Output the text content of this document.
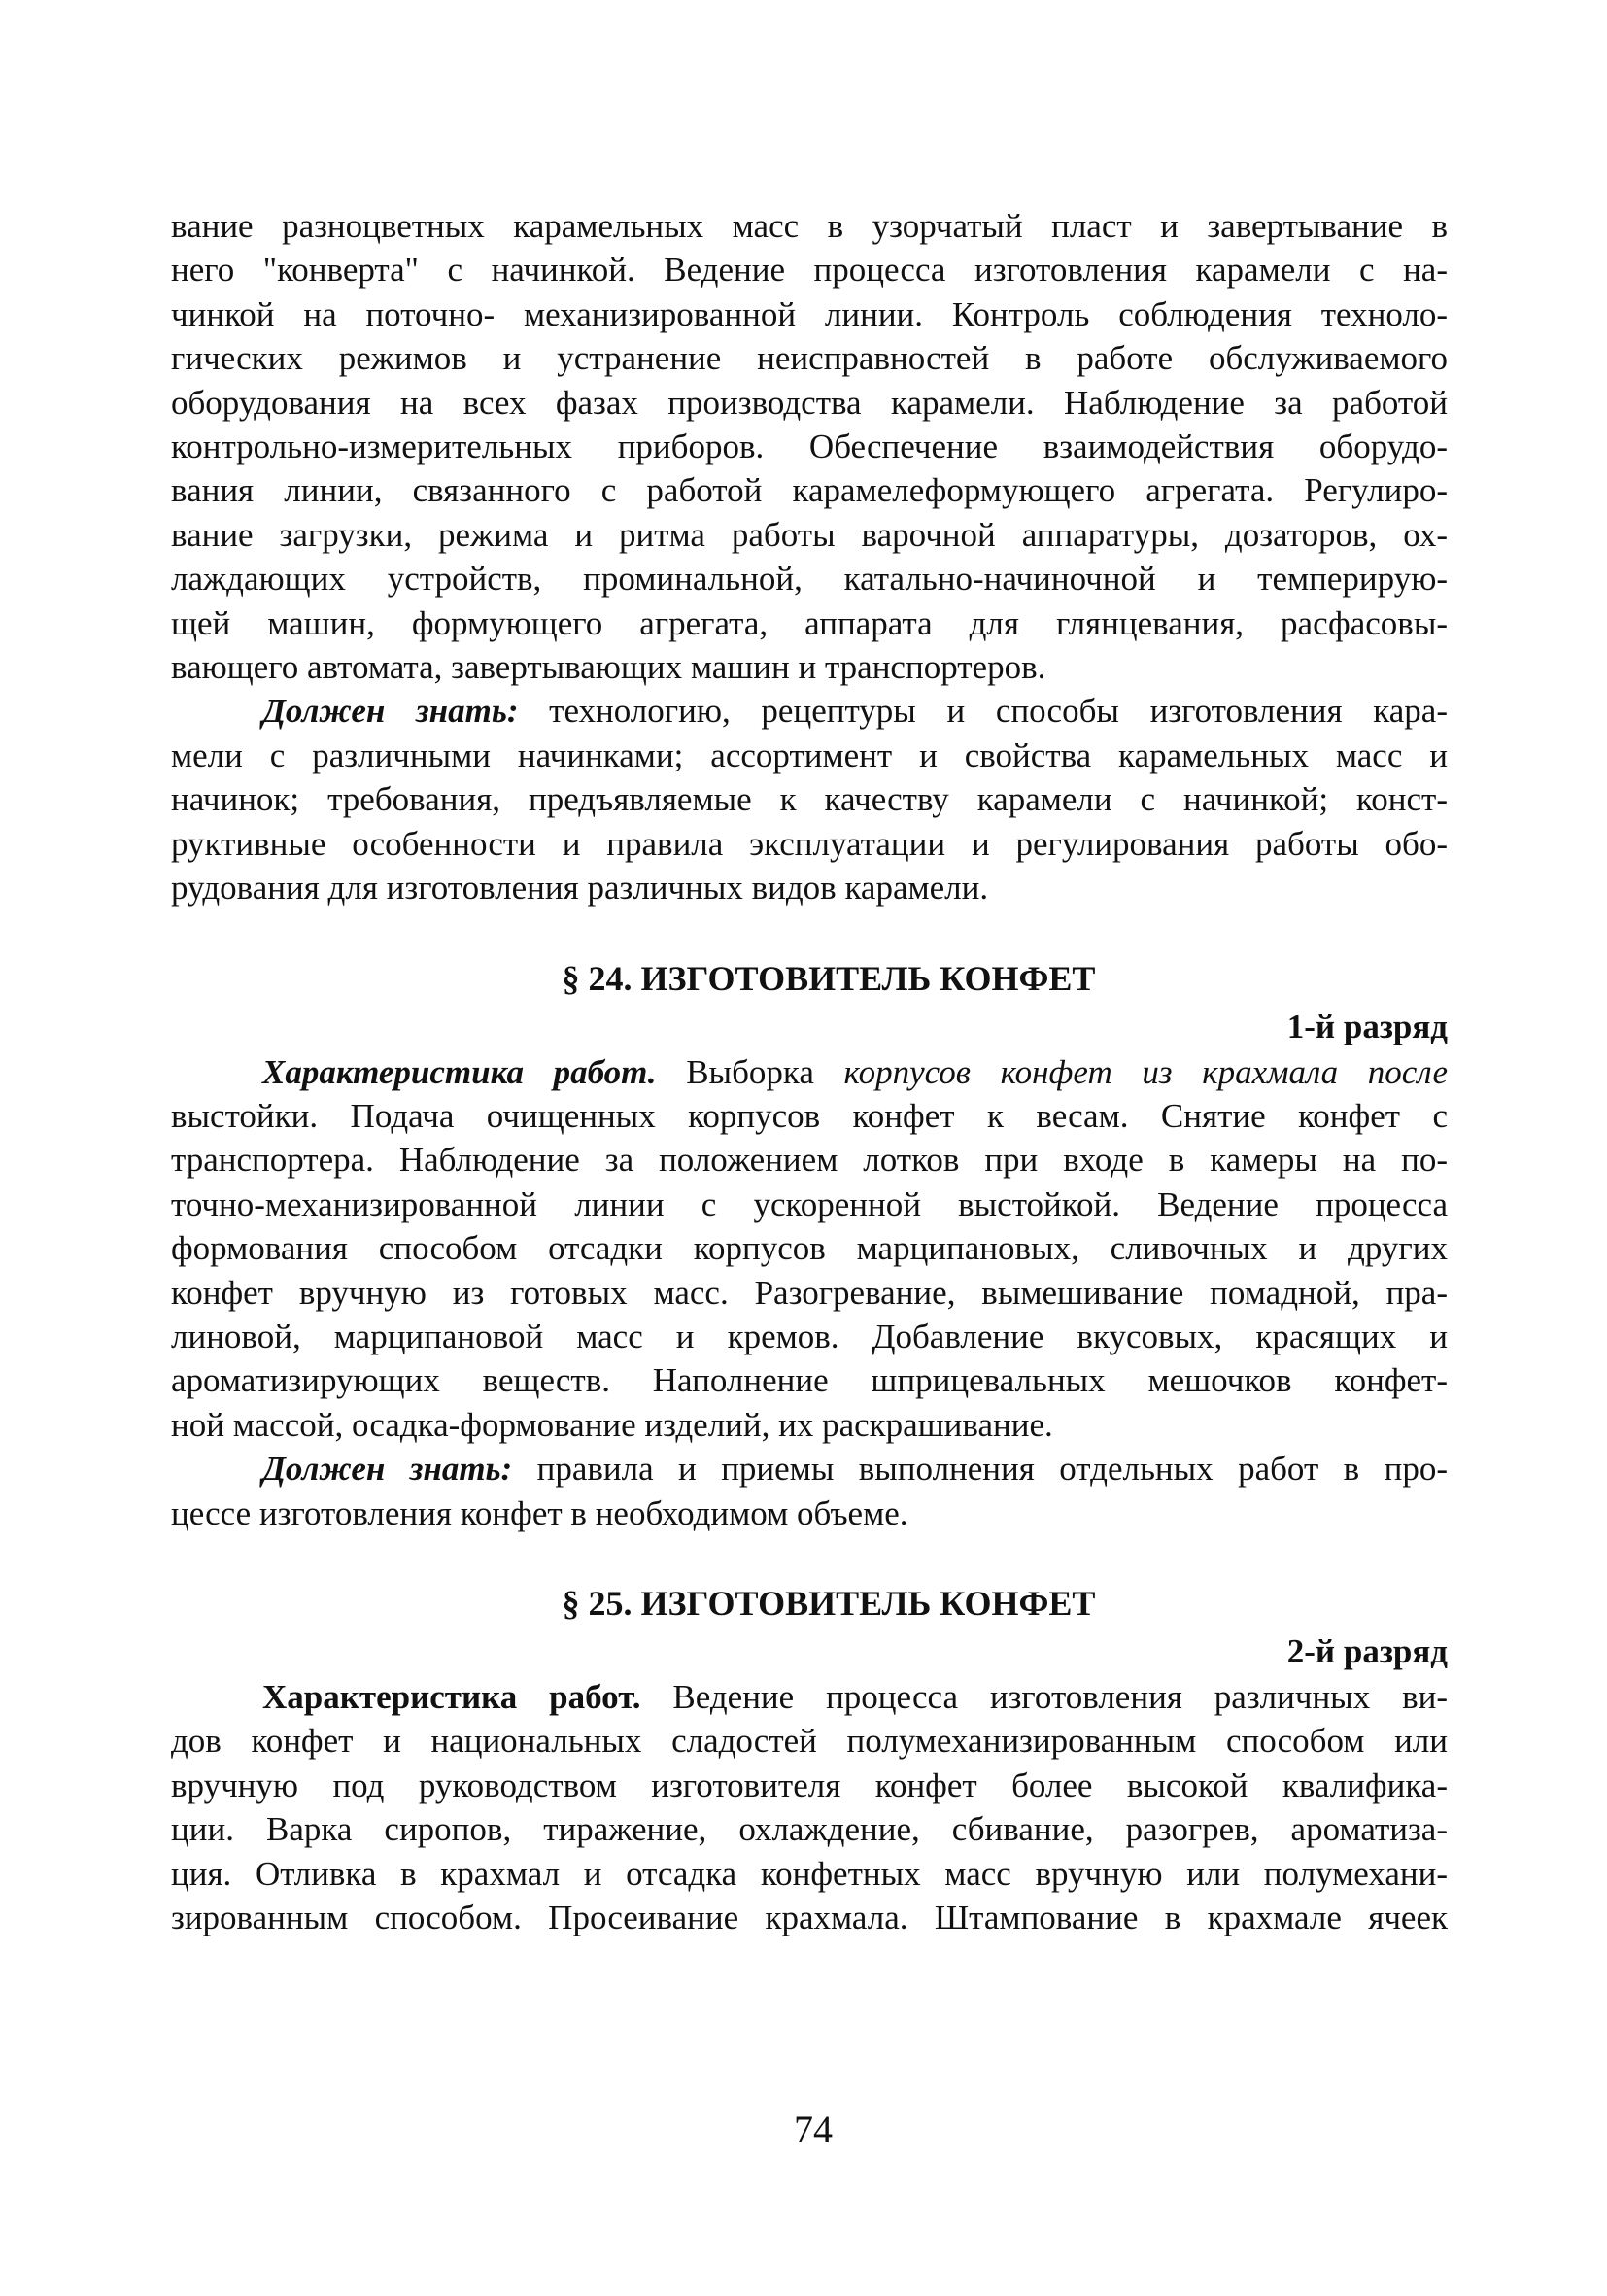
вание разноцветных карамельных масс в узорчатый пласт и завертывание в
него "конверта" с начинкой. Ведение процесса изготовления карамели с на-
чинкой на поточно- механизированной линии. Контроль соблюдения техноло-
гических режимов и устранение неисправностей в работе обслуживаемого
оборудования на всех фазах производства карамели. Наблюдение за работой
контрольно-измерительных приборов. Обеспечение взаимодействия оборудо-
вания линии, связанного с работой карамелеформующего агрегата. Регулиро-
вание загрузки, режима и ритма работы варочной аппаратуры, дозаторов, ох-
лаждающих устройств, проминальной, катально-начиночной и темперирую-
щей машин, формующего агрегата, аппарата для глянцевания, расфасовы-
вающего автомата, завертывающих машин и транспортеров.
Должен знать: технологию, рецептуры и способы изготовления кара-
мели с различными начинками; ассортимент и свойства карамельных масс и
начинок; требования, предъявляемые к качеству карамели с начинкой; конст-
руктивные особенности и правила эксплуатации и регулирования работы обо-
рудования для изготовления различных видов карамели.
§ 24. ИЗГОТОВИТЕЛЬ КОНФЕТ
1-й разряд
Характеристика работ. Выборка корпусов конфет из крахмала после
выстойки. Подача очищенных корпусов конфет к весам. Снятие конфет с
транспортера. Наблюдение за положением лотков при входе в камеры на по-
точно-механизированной линии с ускоренной выстойкой. Ведение процесса
формования способом отсадки корпусов марципановых, сливочных и других
конфет вручную из готовых масс. Разогревание, вымешивание помадной, пра-
линовой, марципановой масс и кремов. Добавление вкусовых, красящих и
ароматизирующих веществ. Наполнение шприцевальных мешочков конфет-
ной массой, осадка-формование изделий, их раскрашивание.
Должен знать: правила и приемы выполнения отдельных работ в про-
цессе изготовления конфет в необходимом объеме.
§ 25. ИЗГОТОВИТЕЛЬ КОНФЕТ
2-й разряд
Характеристика работ. Ведение процесса изготовления различных ви-
дов конфет и национальных сладостей полумеханизированным способом или
вручную под руководством изготовителя конфет более высокой квалифика-
ции. Варка сиропов, тиражение, охлаждение, сбивание, разогрев, ароматиза-
ция. Отливка в крахмал и отсадка конфетных масс вручную или полумехани-
зированным способом. Просеивание крахмала. Штампование в крахмале ячеек
74
